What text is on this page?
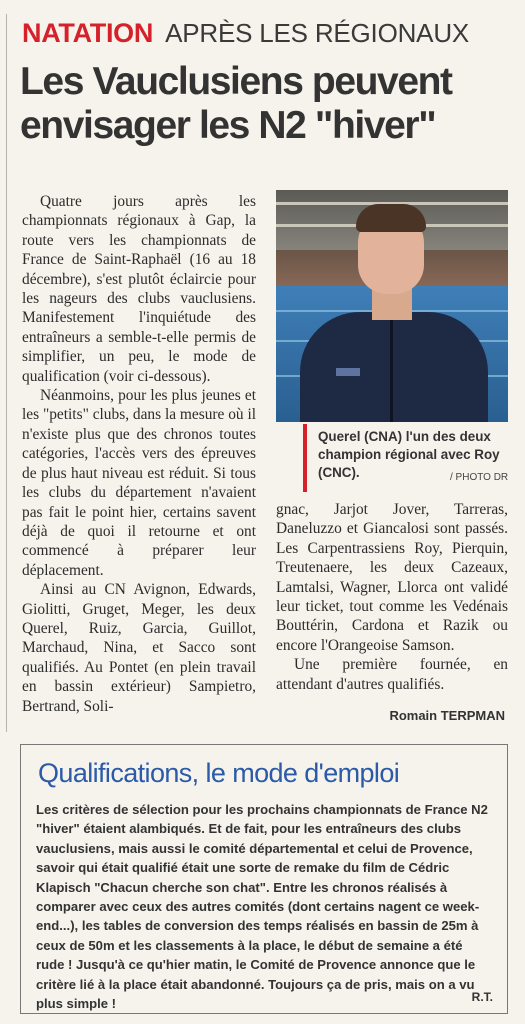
NATATION APRÈS LES RÉGIONAUX
Les Vauclusiens peuvent
envisager les N2 "hiver"

Quatre jours après les championnats régionaux à Gap, la route vers les championnats de France de Saint-Raphaël (16 au 18 décembre), s'est plutôt éclaircie pour les nageurs des clubs vauclusiens. Manifestement l'inquiétude des entraîneurs a semble-t-elle permis de simplifier, un peu, le mode de qualification (voir ci-dessous).

Néanmoins, pour les plus jeunes et les "petits" clubs, dans la mesure où il n'existe plus que des chronos toutes catégories, l'accès vers des épreuves de plus haut niveau est réduit. Si tous les clubs du département n'avaient pas fait le point hier, certains savent déjà de quoi il retourne et ont commencé à préparer leur déplacement.

Ainsi au CN Avignon, Edwards, Giolitti, Gruget, Meger, les deux Querel, Ruiz, Garcia, Guillot, Marchaud, Nina, et Sacco sont qualifiés. Au Pontet (en plein travail en bassin extérieur) Sampietro, Bertrand, Soli-

Querel (CNA) l'un des deux champion régional avec Roy (CNC).	/ PHOTO DR

gnac, Jarjot Jover, Tarreras, Daneluzzo et Giancalosi sont passés. Les Carpentrassiens Roy, Pierquin, Treutenaere, les deux Cazeaux, Lamtalsi, Wagner, Llorca ont validé leur ticket, tout comme les Vedénais Bouttérin, Cardona et Razik ou encore l'Orangeoise Samson.

Une première fournée, en attendant d'autres qualifiés.

Romain TERPMAN
Qualifications, le mode d'emploi

Les critères de sélection pour les prochains championnats de France N2 "hiver" étaient alambiqués. Et de fait, pour les entraîneurs des clubs vauclusiens, mais aussi le comité départemental et celui de Provence, savoir qui était qualifié était une sorte de remake du film de Cédric Klapisch "Chacun cherche son chat". Entre les chronos réalisés à comparer avec ceux des autres comités (dont certains nagent ce week-end...), les tables de conversion des temps réalisés en bassin de 25m à ceux de 50m et les classements à la place, le début de semaine a été rude ! Jusqu'à ce qu'hier matin, le Comité de Provence annonce que le critère lié à la place était abandonné. Toujours ça de pris, mais on a vu plus simple !	R.T.
